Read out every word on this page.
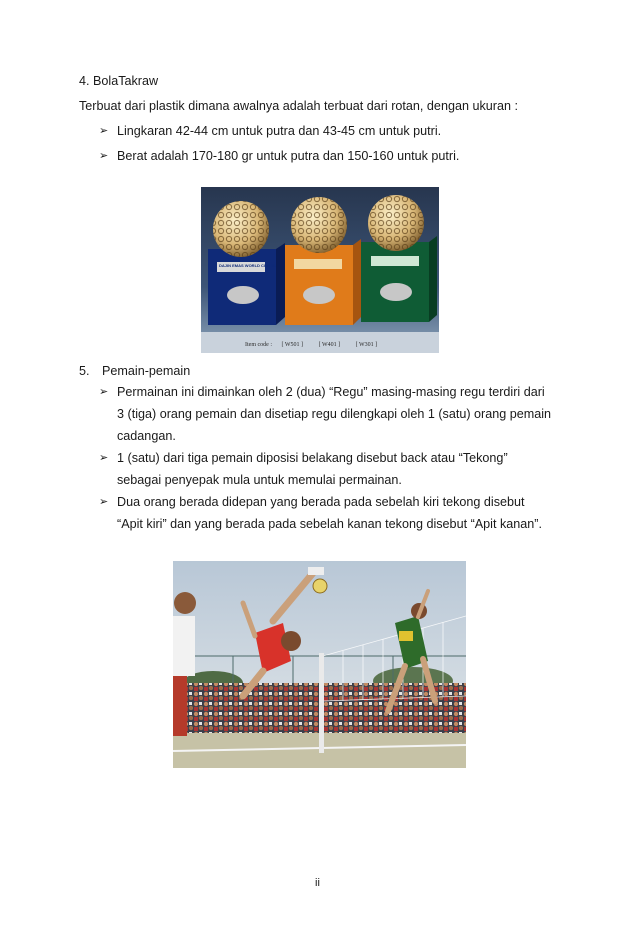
4. BolaTakraw
Terbuat dari plastik dimana awalnya adalah terbuat dari rotan, dengan ukuran :
➢ Lingkaran 42-44 cm untuk putra dan 43-45 cm untuk putri.
➢ Berat adalah 170-180 gr untuk putra dan 150-160 untuk putri.
Item code : [ W501 ]	[ W401 ]	[ W301 ]
DAJIN EMAS WORLD CUP '93
5. Pemain-pemain
➢ Permainan ini dimainkan oleh 2 (dua) “Regu” masing-masing regu terdiri dari
3 (tiga) orang pemain dan disetiap regu dilengkapi oleh 1 (satu) orang pemain
cadangan.
➢ 1 (satu) dari tiga pemain diposisi belakang disebut back atau “Tekong”
sebagai penyepak mula untuk memulai permainan.
➢ Dua orang berada didepan yang berada pada sebelah kiri tekong disebut
“Apit kiri” dan yang berada pada sebelah kanan tekong disebut “Apit kanan”.
ii
